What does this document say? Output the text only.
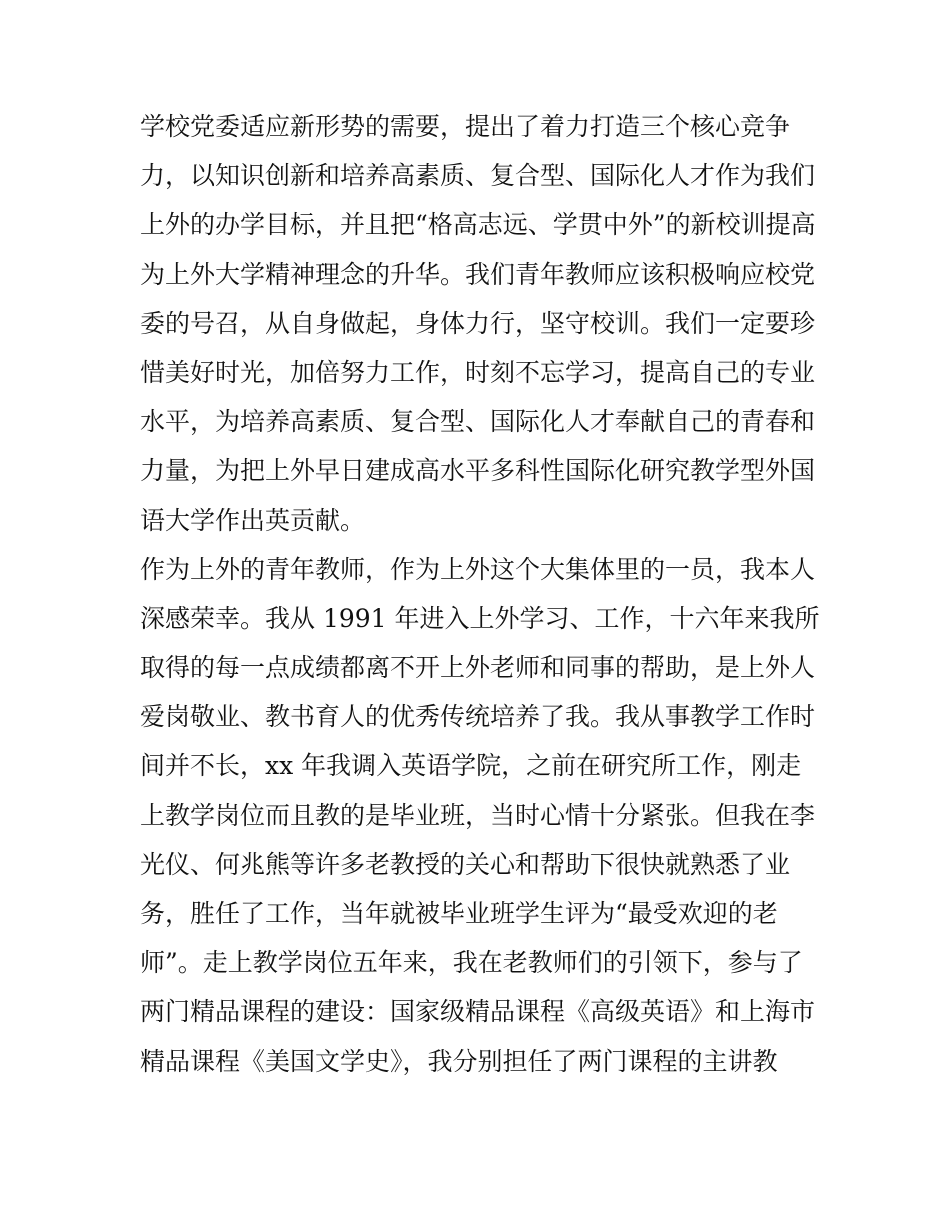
学校党委适应新形势的需要，提出了着力打造三个核心竞争
力，以知识创新和培养高素质、复合型、国际化人才作为我们
上外的办学目标，并且把“格高志远、学贯中外”的新校训提高
为上外大学精神理念的升华。我们青年教师应该积极响应校党
委的号召，从自身做起，身体力行，坚守校训。我们一定要珍
惜美好时光，加倍努力工作，时刻不忘学习，提高自己的专业
水平，为培养高素质、复合型、国际化人才奉献自己的青春和
力量，为把上外早日建成高水平多科性国际化研究教学型外国
语大学作出英贡献。
作为上外的青年教师，作为上外这个大集体里的一员，我本人
深感荣幸。我从 1991 年进入上外学习、工作，十六年来我所
取得的每一点成绩都离不开上外老师和同事的帮助，是上外人
爱岗敬业、教书育人的优秀传统培养了我。我从事教学工作时
间并不长，xx 年我调入英语学院，之前在研究所工作，刚走
上教学岗位而且教的是毕业班，当时心情十分紧张。但我在李
光仪、何兆熊等许多老教授的关心和帮助下很快就熟悉了业
务，胜任了工作，当年就被毕业班学生评为“最受欢迎的老
师”。走上教学岗位五年来，我在老教师们的引领下，参与了
两门精品课程的建设：国家级精品课程《高级英语》和上海市
精品课程《美国文学史》，我分别担任了两门课程的主讲教
